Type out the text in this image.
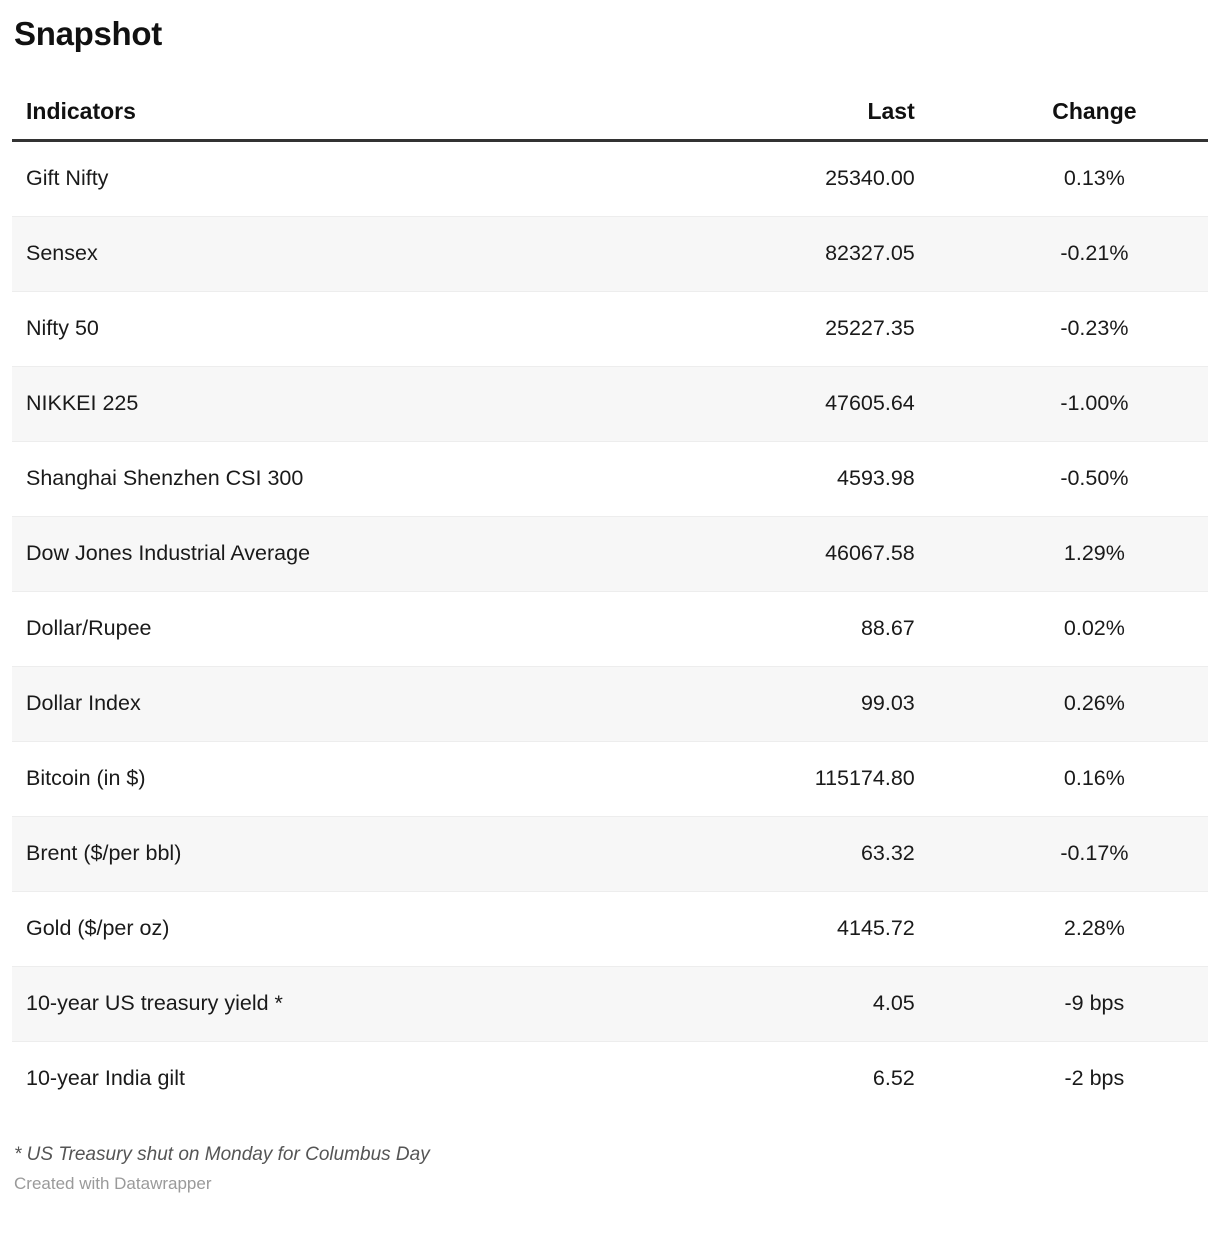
Snapshot
Indicators	Last	Change
Gift Nifty	25340.00	0.13%
Sensex	82327.05	-0.21%
Nifty 50	25227.35	-0.23%
NIKKEI 225	47605.64	-1.00%
Shanghai Shenzhen CSI 300	4593.98	-0.50%
Dow Jones Industrial Average	46067.58	1.29%
Dollar/Rupee	88.67	0.02%
Dollar Index	99.03	0.26%
Bitcoin (in $)	115174.80	0.16%
Brent ($/per bbl)	63.32	-0.17%
Gold ($/per oz)	4145.72	2.28%
10-year US treasury yield *	4.05	-9 bps
10-year India gilt	6.52	-2 bps
* US Treasury shut on Monday for Columbus Day
Created with Datawrapper
